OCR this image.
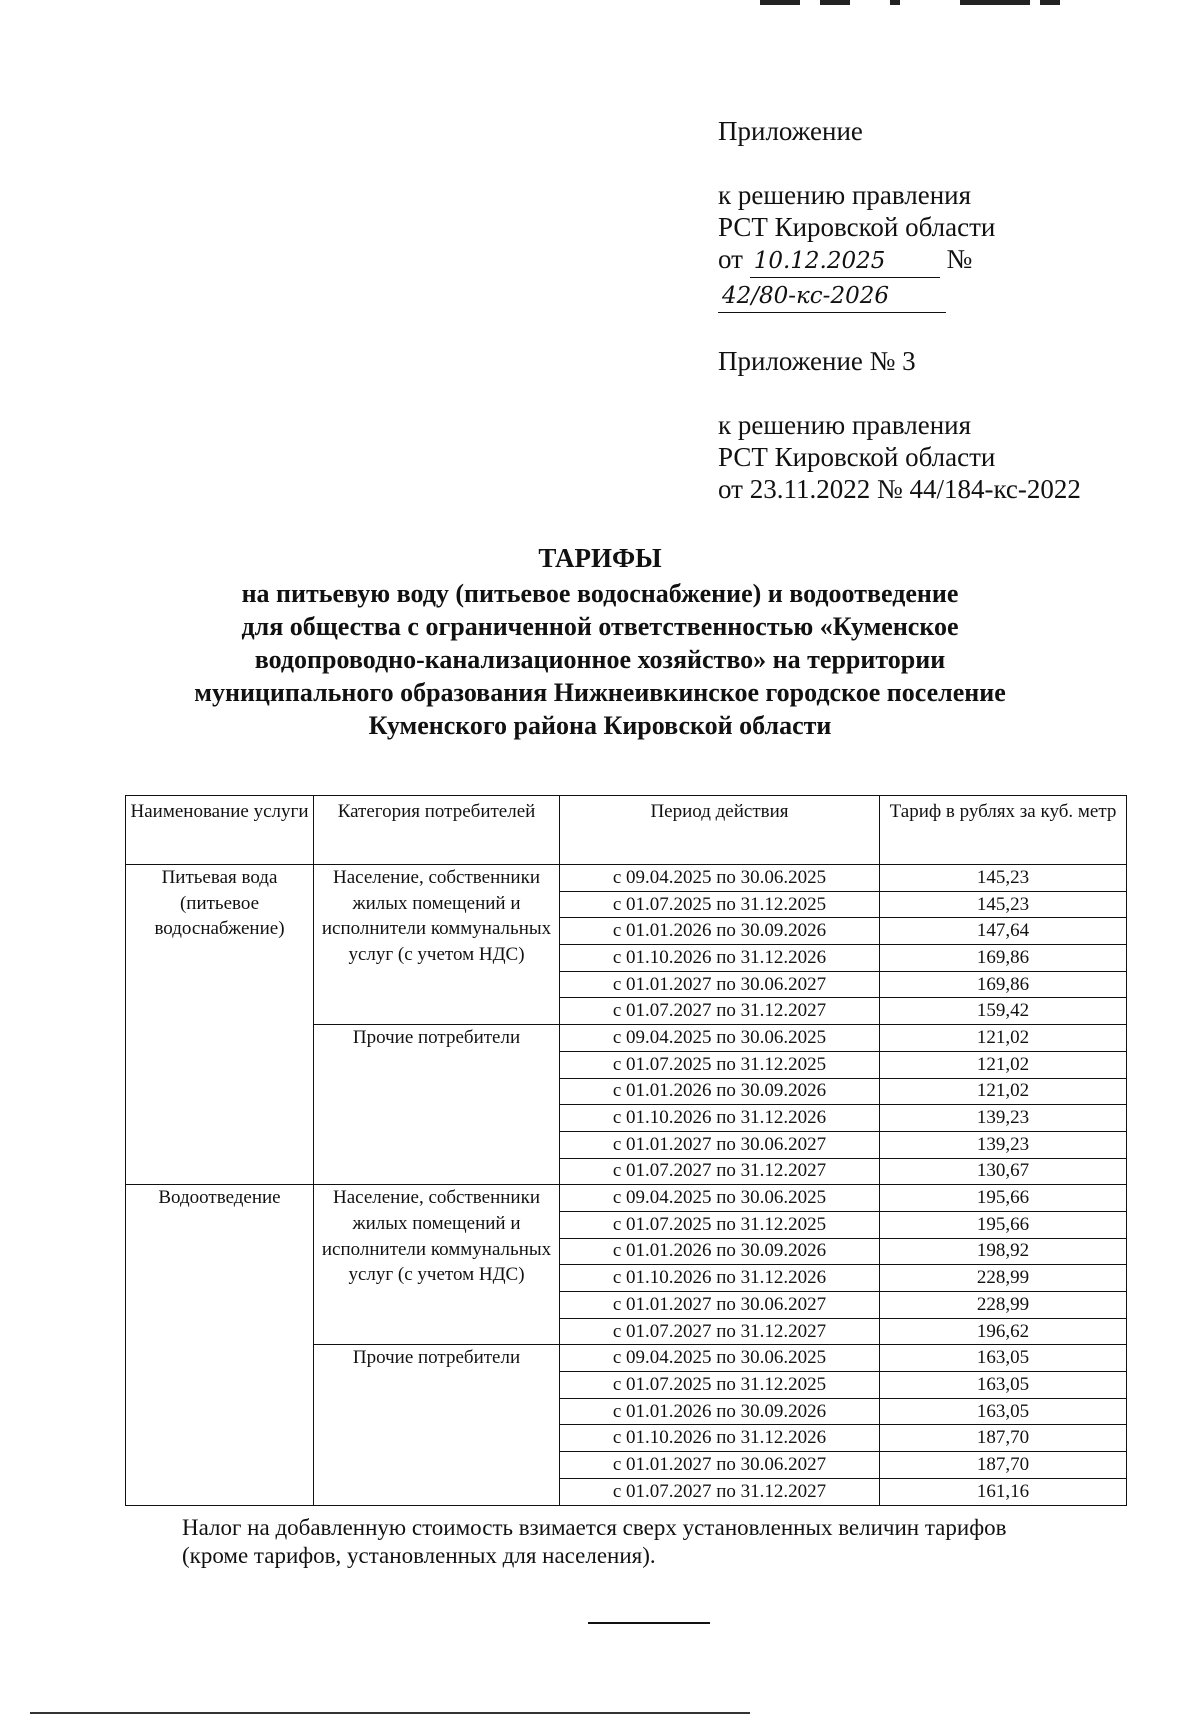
Приложение

к решению правления

РСТ Кировской области

от 10.12.2025 № 42/80-кс-2026

Приложение № 3

к решению правления

РСТ Кировской области

от 23.11.2022 № 44/184-кс-2022

ТАРИФЫ

на питьевую воду (питьевое водоснабжение) и водоотведение

для общества с ограниченной ответственностью «Куменское

водопроводно-канализационное хозяйство» на территории

муниципального образования Нижнеивкинское городское поселение

Куменского района Кировской области

Наименование услуги	Категория потребителей	Период действия	Тариф в рублях за куб. метр
Питьевая вода (питьевое водоснабжение)	Население, собственники жилых помещений и исполнители коммунальных услуг (с учетом НДС)	с 09.04.2025 по 30.06.2025	145,23
		с 01.07.2025 по 31.12.2025	145,23
		с 01.01.2026 по 30.09.2026	147,64
		с 01.10.2026 по 31.12.2026	169,86
		с 01.01.2027 по 30.06.2027	169,86
		с 01.07.2027 по 31.12.2027	159,42
	Прочие потребители	с 09.04.2025 по 30.06.2025	121,02
		с 01.07.2025 по 31.12.2025	121,02
		с 01.01.2026 по 30.09.2026	121,02
		с 01.10.2026 по 31.12.2026	139,23
		с 01.01.2027 по 30.06.2027	139,23
		с 01.07.2027 по 31.12.2027	130,67
Водоотведение	Население, собственники жилых помещений и исполнители коммунальных услуг (с учетом НДС)	с 09.04.2025 по 30.06.2025	195,66
		с 01.07.2025 по 31.12.2025	195,66
		с 01.01.2026 по 30.09.2026	198,92
		с 01.10.2026 по 31.12.2026	228,99
		с 01.01.2027 по 30.06.2027	228,99
		с 01.07.2027 по 31.12.2027	196,62
	Прочие потребители	с 09.04.2025 по 30.06.2025	163,05
		с 01.07.2025 по 31.12.2025	163,05
		с 01.01.2026 по 30.09.2026	163,05
		с 01.10.2026 по 31.12.2026	187,70
		с 01.01.2027 по 30.06.2027	187,70
		с 01.07.2027 по 31.12.2027	161,16
Налог на добавленную стоимость взимается сверх установленных величин тарифов
(кроме тарифов, установленных для населения).
